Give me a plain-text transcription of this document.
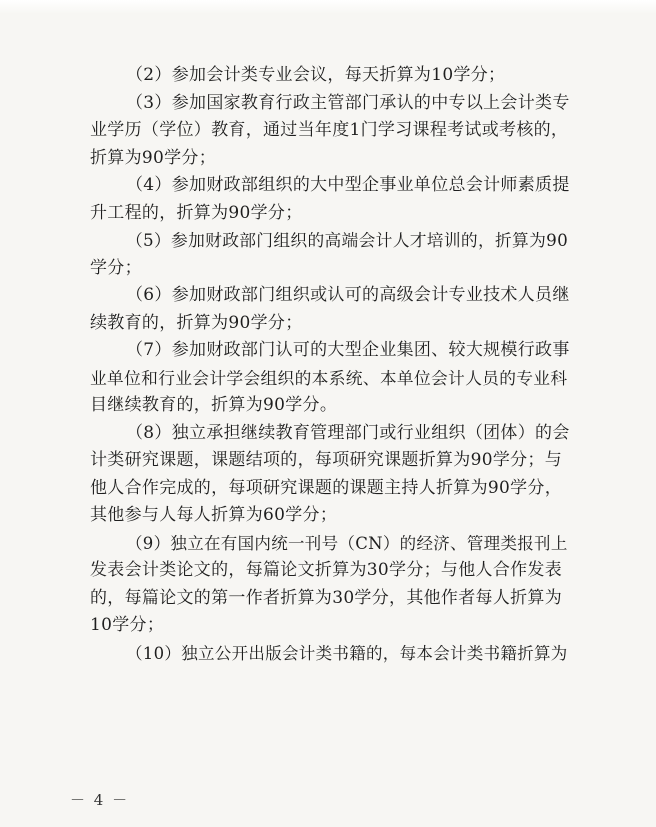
（2）参加会计类专业会议，每天折算为10学分；
（3）参加国家教育行政主管部门承认的中专以上会计类专
业学历（学位）教育，通过当年度1门学习课程考试或考核的，
折算为90学分；
（4）参加财政部组织的大中型企事业单位总会计师素质提
升工程的，折算为90学分；
（5）参加财政部门组织的高端会计人才培训的，折算为90
学分；
（6）参加财政部门组织或认可的高级会计专业技术人员继
续教育的，折算为90学分；
（7）参加财政部门认可的大型企业集团、较大规模行政事
业单位和行业会计学会组织的本系统、本单位会计人员的专业科
目继续教育的，折算为90学分。
（8）独立承担继续教育管理部门或行业组织（团体）的会
计类研究课题，课题结项的，每项研究课题折算为90学分；与
他人合作完成的，每项研究课题的课题主持人折算为90学分，
其他参与人每人折算为60学分；
（9）独立在有国内统一刊号（CN）的经济、管理类报刊上
发表会计类论文的，每篇论文折算为30学分；与他人合作发表
的，每篇论文的第一作者折算为30学分，其他作者每人折算为
10学分；
（10）独立公开出版会计类书籍的，每本会计类书籍折算为
－ 4 －
